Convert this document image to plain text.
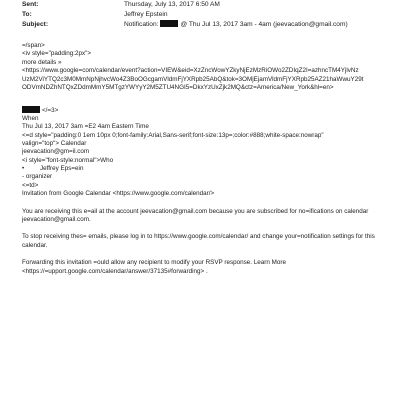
Sent:	Thursday, July 13, 2017 6:50 AM
To:	Jeffrey Epstein
Subject:	Notification:	@ Thu Jul 13, 2017 3am - 4am (jeevacation@gmail.com)
=/span>
<iv style="padding:2px">
more details »
<https://www.google=com/calendar/event?action=VIEW&eid=XzZncWowYZkyNjEzMzRiOWo2ZDIqZ2I=azhncTM4YjlvNz
UzM2ViYTQ2c3M0MmNpNjhvcWo4Z3BoOGcgamVldmFjYXRpb25AbQ&tok=3OMjEjamVldmFjYXRpb25AZ21haWwuY29t
ODVmNDZhNTQxZDdmMmY5MTgzYWYyY2M5ZTU4NGI5=DkxYzUxZjk2MQ&ctz=America/New_York&hl=en>
</=3>
When
Thu Jul 13, 2017 3am =E2 4am Eastern Time
<=d style="padding:0 1em 10px 0;font-family:Arial,Sans-serif;font-size:13p=;color:#888;white-space:nowrap"
valign="top"> Calendar
jeevacation@gm=il.com
<i style="font-style:normal">Who
•	Jeffrey Eps=ein
- organizer
<=td>
Invitation from Google Calendar <https://www.google.com/calendar/>
You are receiving this e=ail at the account jeevacation@gmail.com because you are subscribed for no=ifications on calendar jeevacation@gmail.com.
To stop receiving thes= emails, please log in to https://www.google.com/calendar/ and change your=notification settings for this calendar.
Forwarding this invitation =ould allow any recipient to modify your RSVP response. Learn More <https://=upport.google.com/calendar/answer/37135#forwarding> .
